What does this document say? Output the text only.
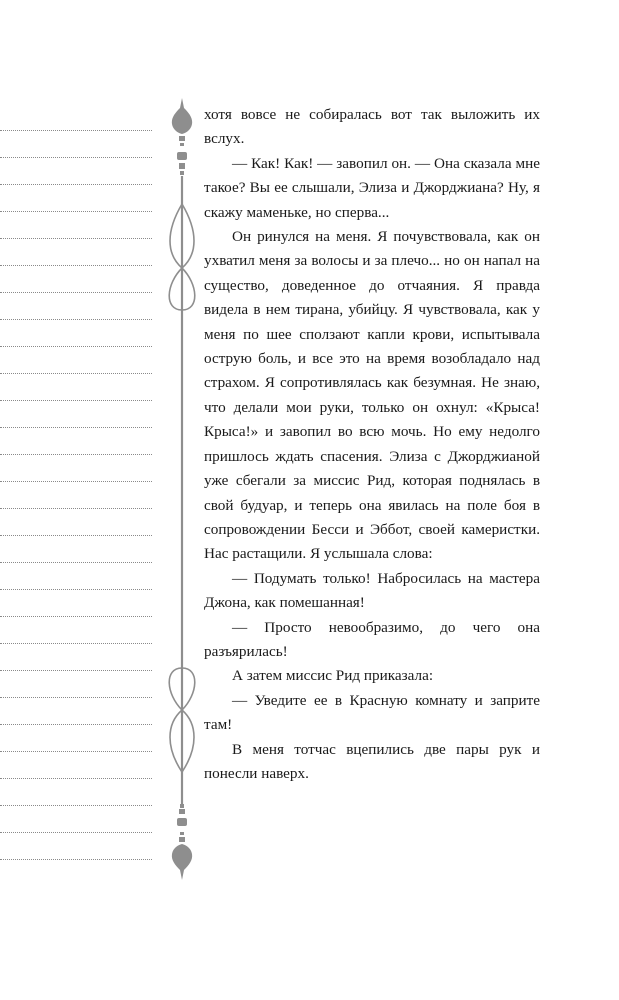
хотя вовсе не собиралась вот так выложить их вслух.

— Как! Как! — завопил он. — Она сказала мне такое? Вы ее слышали, Элиза и Джорджиана? Ну, я скажу маменьке, но сперва...

Он ринулся на меня. Я почувствовала, как он ухватил меня за волосы и за плечо... но он напал на существо, доведенное до отчаяния. Я правда видела в нем тирана, убийцу. Я чувствовала, как у меня по шее сползают капли крови, испытывала острую боль, и все это на время возобладало над страхом. Я сопротивлялась как безумная. Не знаю, что делали мои руки, только он охнул: «Крыса! Крыса!» и завопил во всю мочь. Но ему недолго пришлось ждать спасения. Элиза с Джорджианой уже сбегали за миссис Рид, которая поднялась в свой будуар, и теперь она явилась на поле боя в сопровождении Бесси и Эббот, своей камеристки. Нас растащили. Я услышала слова:

— Подумать только! Набросилась на мастера Джона, как помешанная!

— Просто невообразимо, до чего она разъярилась!

А затем миссис Рид приказала:

— Уведите ее в Красную комнату и заприте там!

В меня тотчас вцепились две пары рук и понесли наверх.
